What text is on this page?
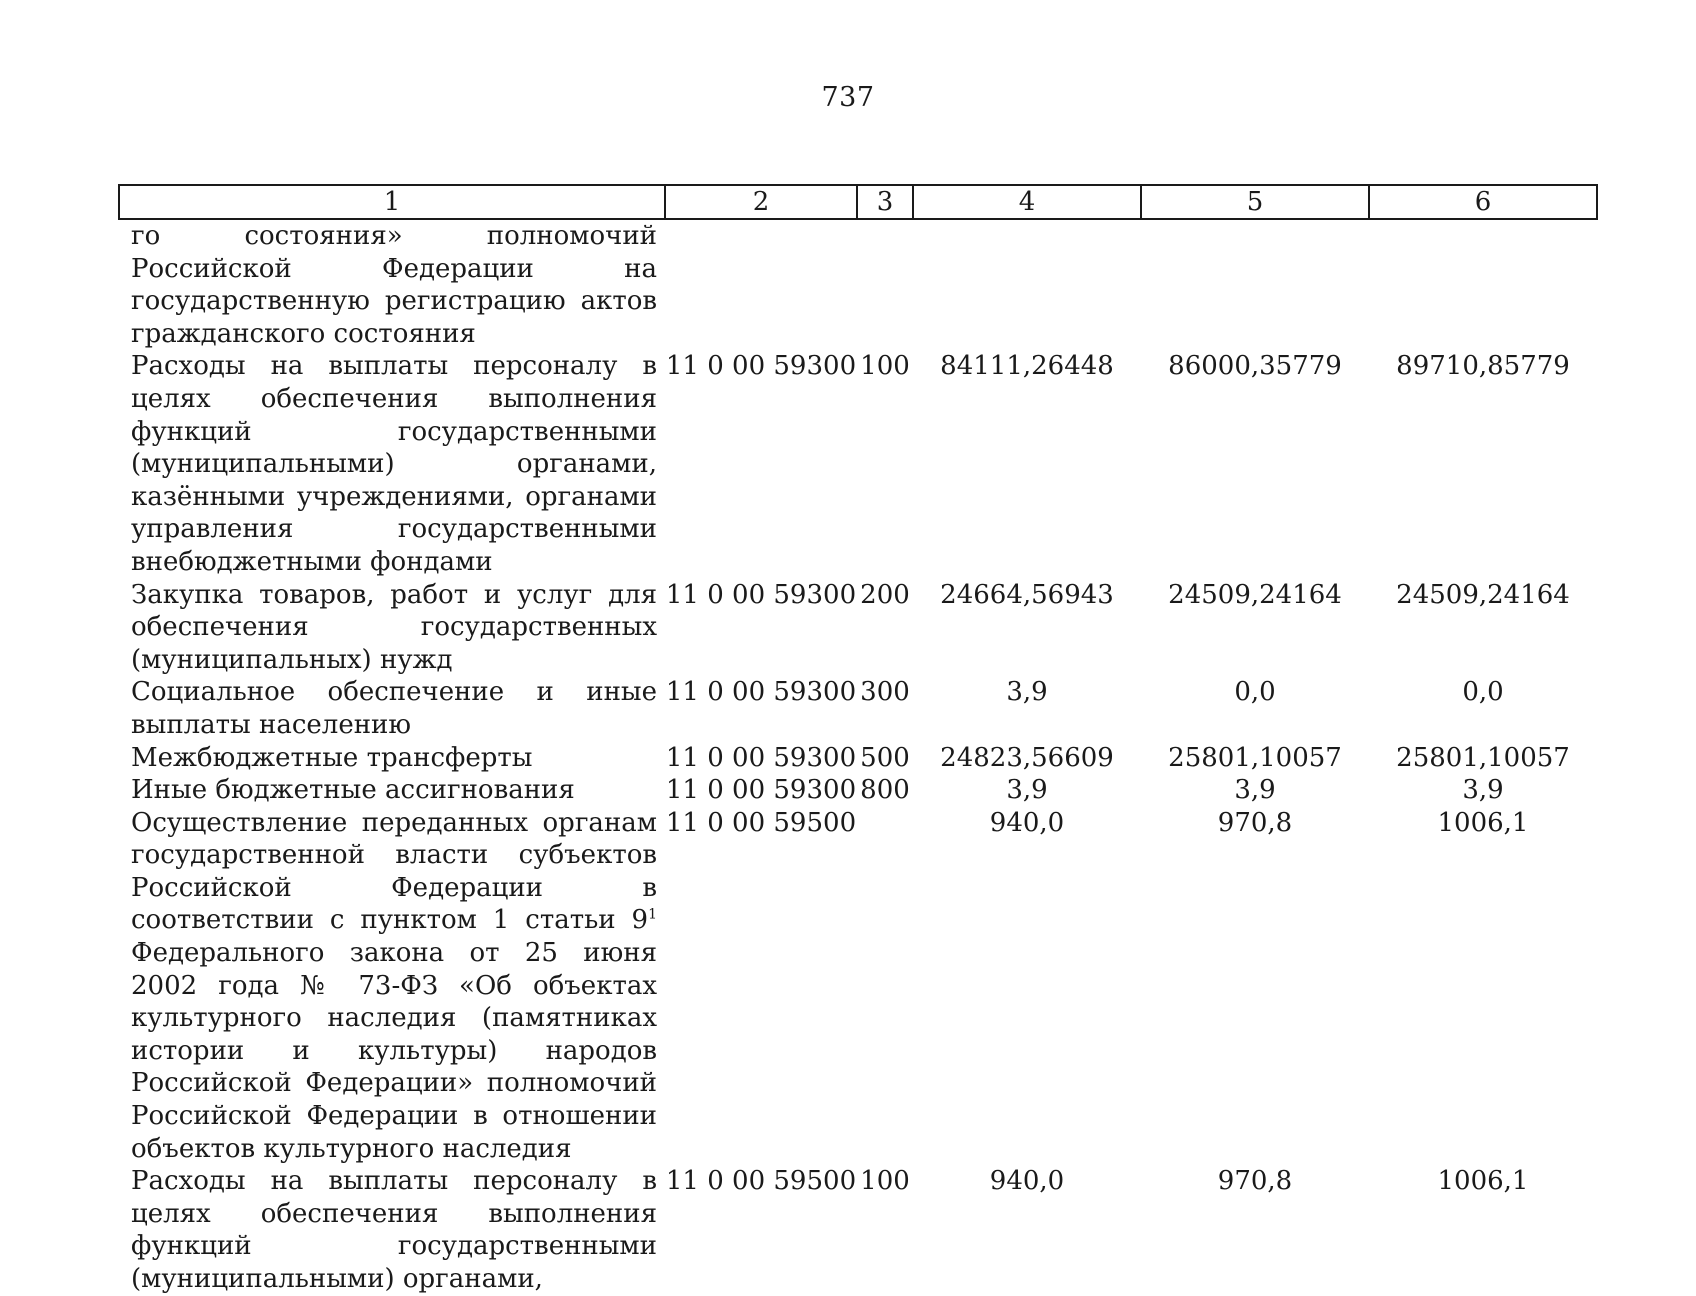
737
1	2	3	4	5	6
го состояния» полномочий Российской Федерации на государственную регистрацию актов гражданского состояния					
Расходы на выплаты персоналу в целях обеспечения выполнения функций государственными (муниципальными) органами, казёнными учреждениями, органами управления государственными внебюджетными фондами	11 0 00 59300	100	84111,26448	86000,35779	89710,85779
Закупка товаров, работ и услуг для обеспечения государственных (муниципальных) нужд	11 0 00 59300	200	24664,56943	24509,24164	24509,24164
Социальное обеспечение и иные выплаты населению	11 0 00 59300	300	3,9	0,0	0,0
Межбюджетные трансферты	11 0 00 59300	500	24823,56609	25801,10057	25801,10057
Иные бюджетные ассигнования	11 0 00 59300	800	3,9	3,9	3,9
Осуществление переданных органам государственной власти субъектов Российской Федерации в соответствии с пунктом 1 статьи $9^1$ Федерального закона от 25 июня 2002 года № 73-ФЗ «Об объектах культурного наследия (памятниках истории и культуры) народов Российской Федерации» полномочий Российской Федерации в отношении объектов культурного наследия	11 0 00 59500		940,0	970,8	1006,1
Расходы на выплаты персоналу в целях обеспечения выполнения функций государственными (муниципальными) органами,	11 0 00 59500	100	940,0	970,8	1006,1
